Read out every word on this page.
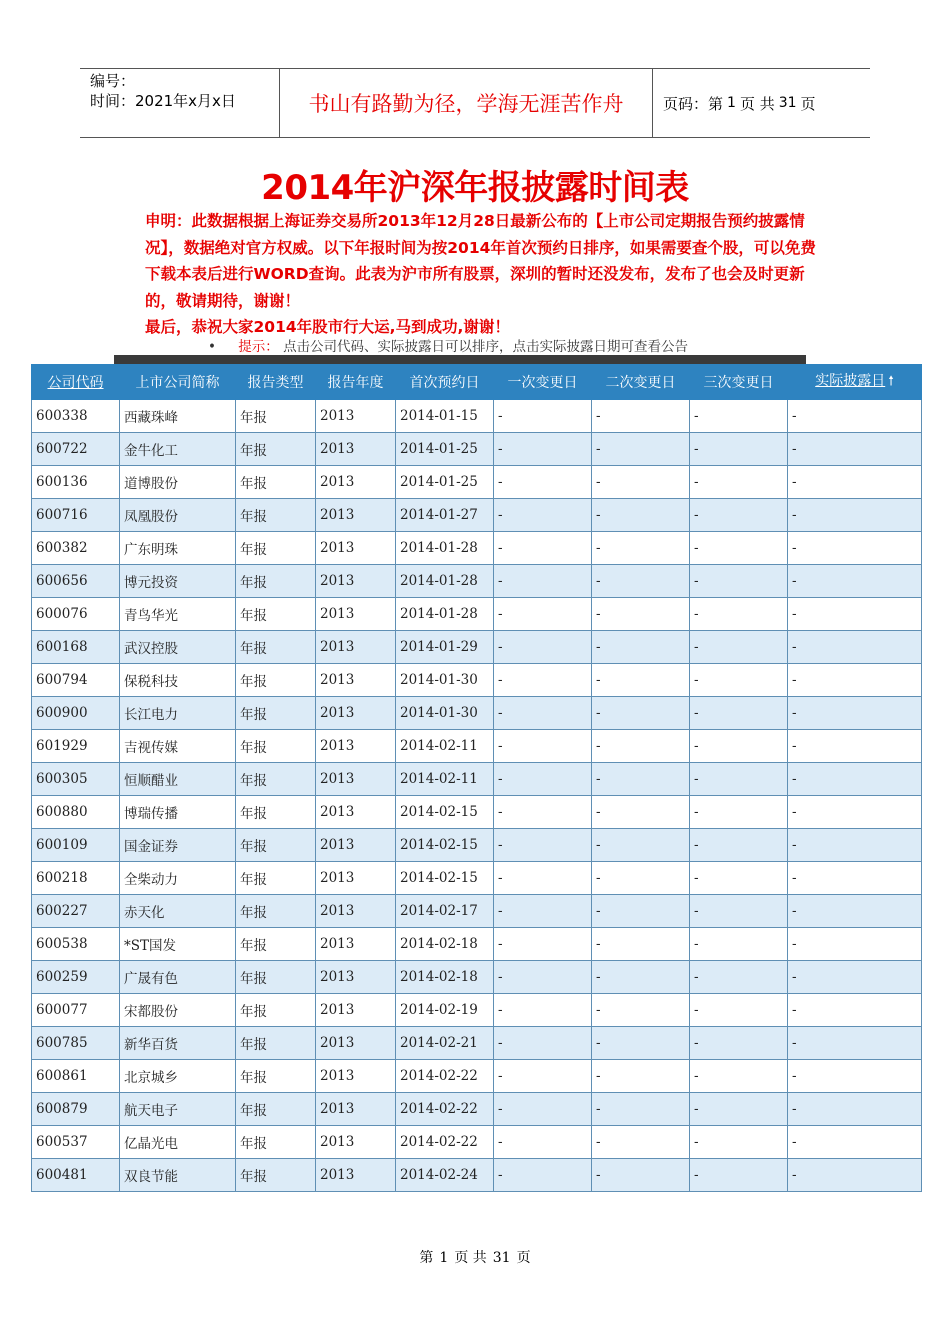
编号：
时间：2021年x月x日	书山有路勤为径，学海无涯苦作舟	页码：第 1 页 共 31 页
2014年沪深年报披露时间表

申明：此数据根据上海证券交易所2013年12月28日最新公布的【上市公司定期报告预约披露情况】，数据绝对官方权威。以下年报时间为按2014年首次预约日排序，如果需要查个股，可以免费下载本表后进行WORD查询。此表为沪市所有股票，深圳的暂时还没发布，发布了也会及时更新的，敬请期待，谢谢！

最后，恭祝大家2014年股市行大运,马到成功,谢谢！

• 提示： 点击公司代码、实际披露日可以排序，点击实际披露日期可查看公告
公司代码	上市公司简称	报告类型	报告年度	首次预约日	一次变更日	二次变更日	三次变更日	实际披露日 🠕
600338	西藏珠峰	年报	2013	2014-01-15	-	-	-	-
600722	金牛化工	年报	2013	2014-01-25	-	-	-	-
600136	道博股份	年报	2013	2014-01-25	-	-	-	-
600716	凤凰股份	年报	2013	2014-01-27	-	-	-	-
600382	广东明珠	年报	2013	2014-01-28	-	-	-	-
600656	博元投资	年报	2013	2014-01-28	-	-	-	-
600076	青鸟华光	年报	2013	2014-01-28	-	-	-	-
600168	武汉控股	年报	2013	2014-01-29	-	-	-	-
600794	保税科技	年报	2013	2014-01-30	-	-	-	-
600900	长江电力	年报	2013	2014-01-30	-	-	-	-
601929	吉视传媒	年报	2013	2014-02-11	-	-	-	-
600305	恒顺醋业	年报	2013	2014-02-11	-	-	-	-
600880	博瑞传播	年报	2013	2014-02-15	-	-	-	-
600109	国金证券	年报	2013	2014-02-15	-	-	-	-
600218	全柴动力	年报	2013	2014-02-15	-	-	-	-
600227	赤天化	年报	2013	2014-02-17	-	-	-	-
600538	*ST国发	年报	2013	2014-02-18	-	-	-	-
600259	广晟有色	年报	2013	2014-02-18	-	-	-	-
600077	宋都股份	年报	2013	2014-02-19	-	-	-	-
600785	新华百货	年报	2013	2014-02-21	-	-	-	-
600861	北京城乡	年报	2013	2014-02-22	-	-	-	-
600879	航天电子	年报	2013	2014-02-22	-	-	-	-
600537	亿晶光电	年报	2013	2014-02-22	-	-	-	-
600481	双良节能	年报	2013	2014-02-24	-	-	-	-
第 1 页 共 31 页
